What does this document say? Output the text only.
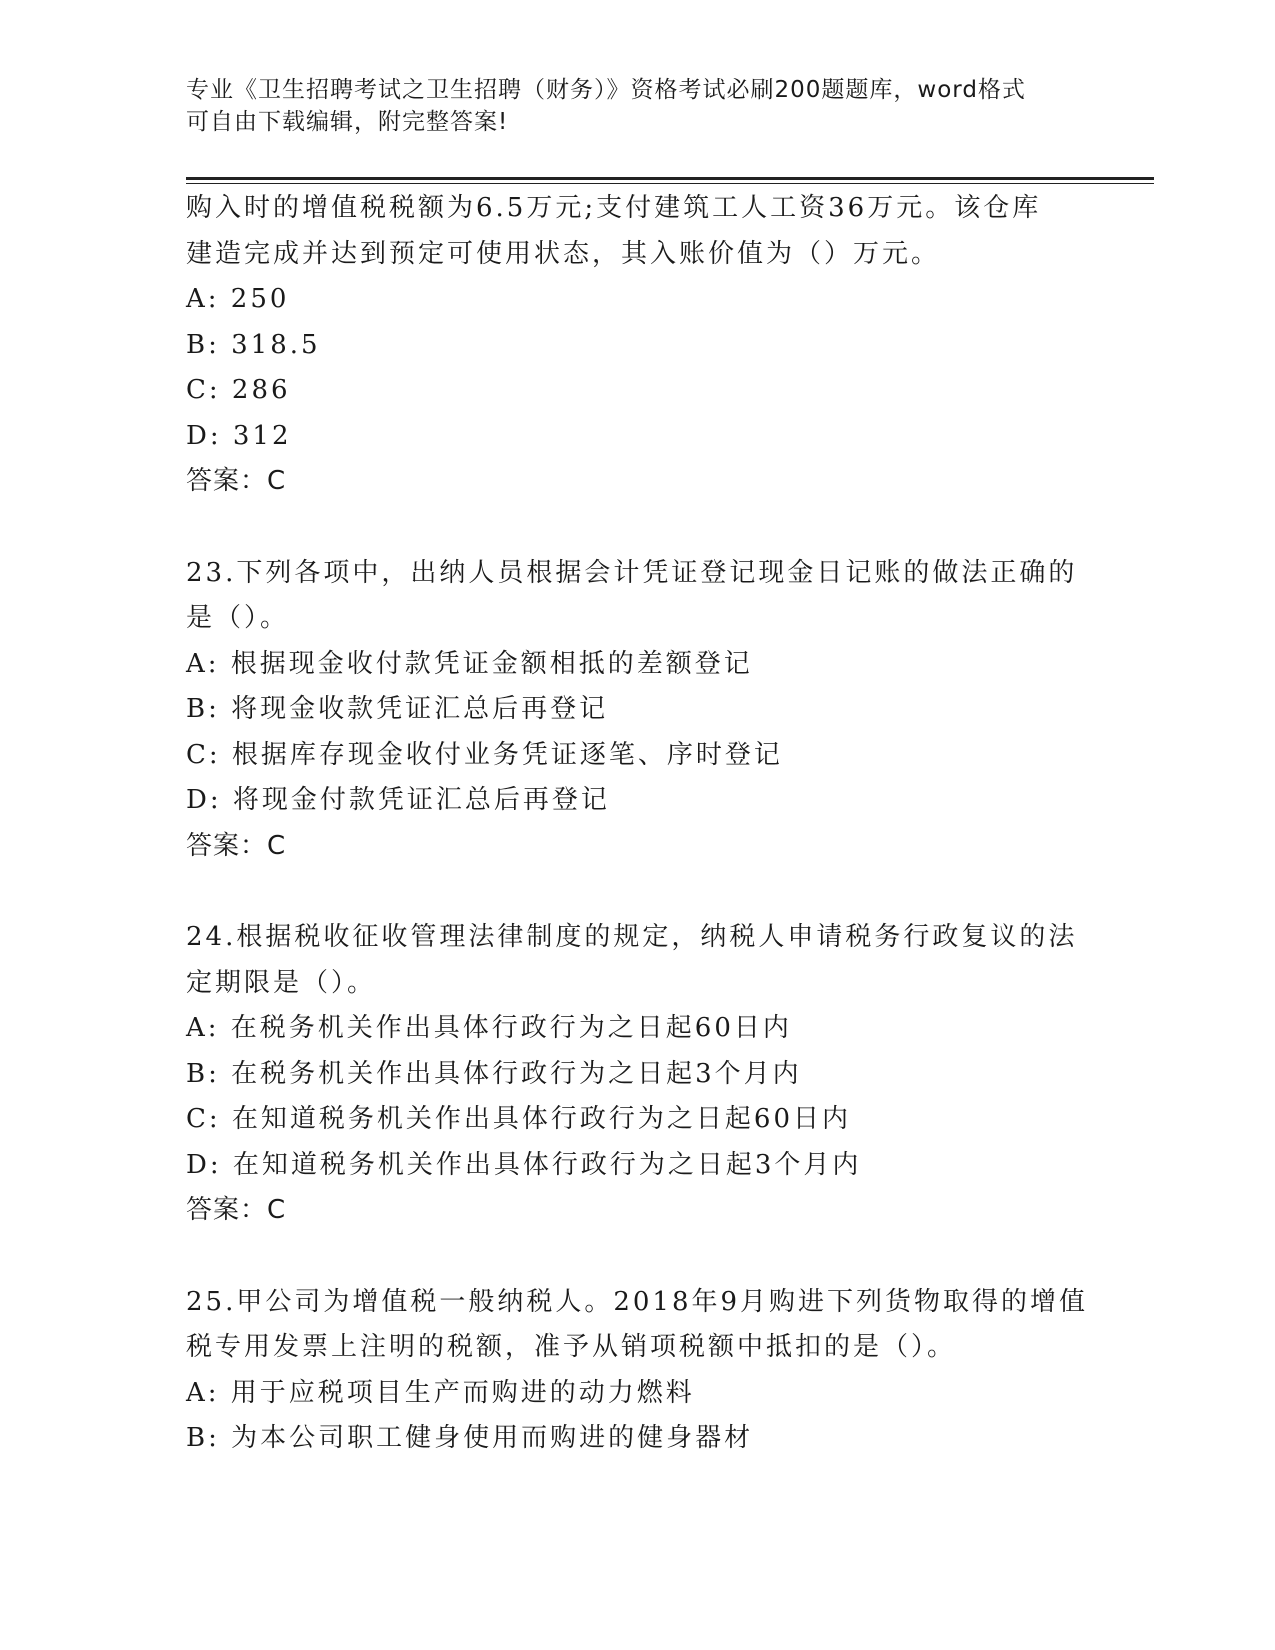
专业《卫生招聘考试之卫生招聘（财务）》资格考试必刷200题题库，word格式
可自由下载编辑，附完整答案!
购入时的增值税税额为6.5万元;支付建筑工人工资36万元。该仓库
建造完成并达到预定可使用状态，其入账价值为（）万元。
A: 250
B: 318.5
C: 286
D: 312
答案：C
23.下列各项中，出纳人员根据会计凭证登记现金日记账的做法正确的
是（）。
A: 根据现金收付款凭证金额相抵的差额登记
B: 将现金收款凭证汇总后再登记
C: 根据库存现金收付业务凭证逐笔、序时登记
D: 将现金付款凭证汇总后再登记
答案：C
24.根据税收征收管理法律制度的规定，纳税人申请税务行政复议的法
定期限是（）。
A: 在税务机关作出具体行政行为之日起60日内
B: 在税务机关作出具体行政行为之日起3个月内
C: 在知道税务机关作出具体行政行为之日起60日内
D: 在知道税务机关作出具体行政行为之日起3个月内
答案：C
25.甲公司为增值税一般纳税人。2018年9月购进下列货物取得的增值
税专用发票上注明的税额，准予从销项税额中抵扣的是（）。
A: 用于应税项目生产而购进的动力燃料
B: 为本公司职工健身使用而购进的健身器材
